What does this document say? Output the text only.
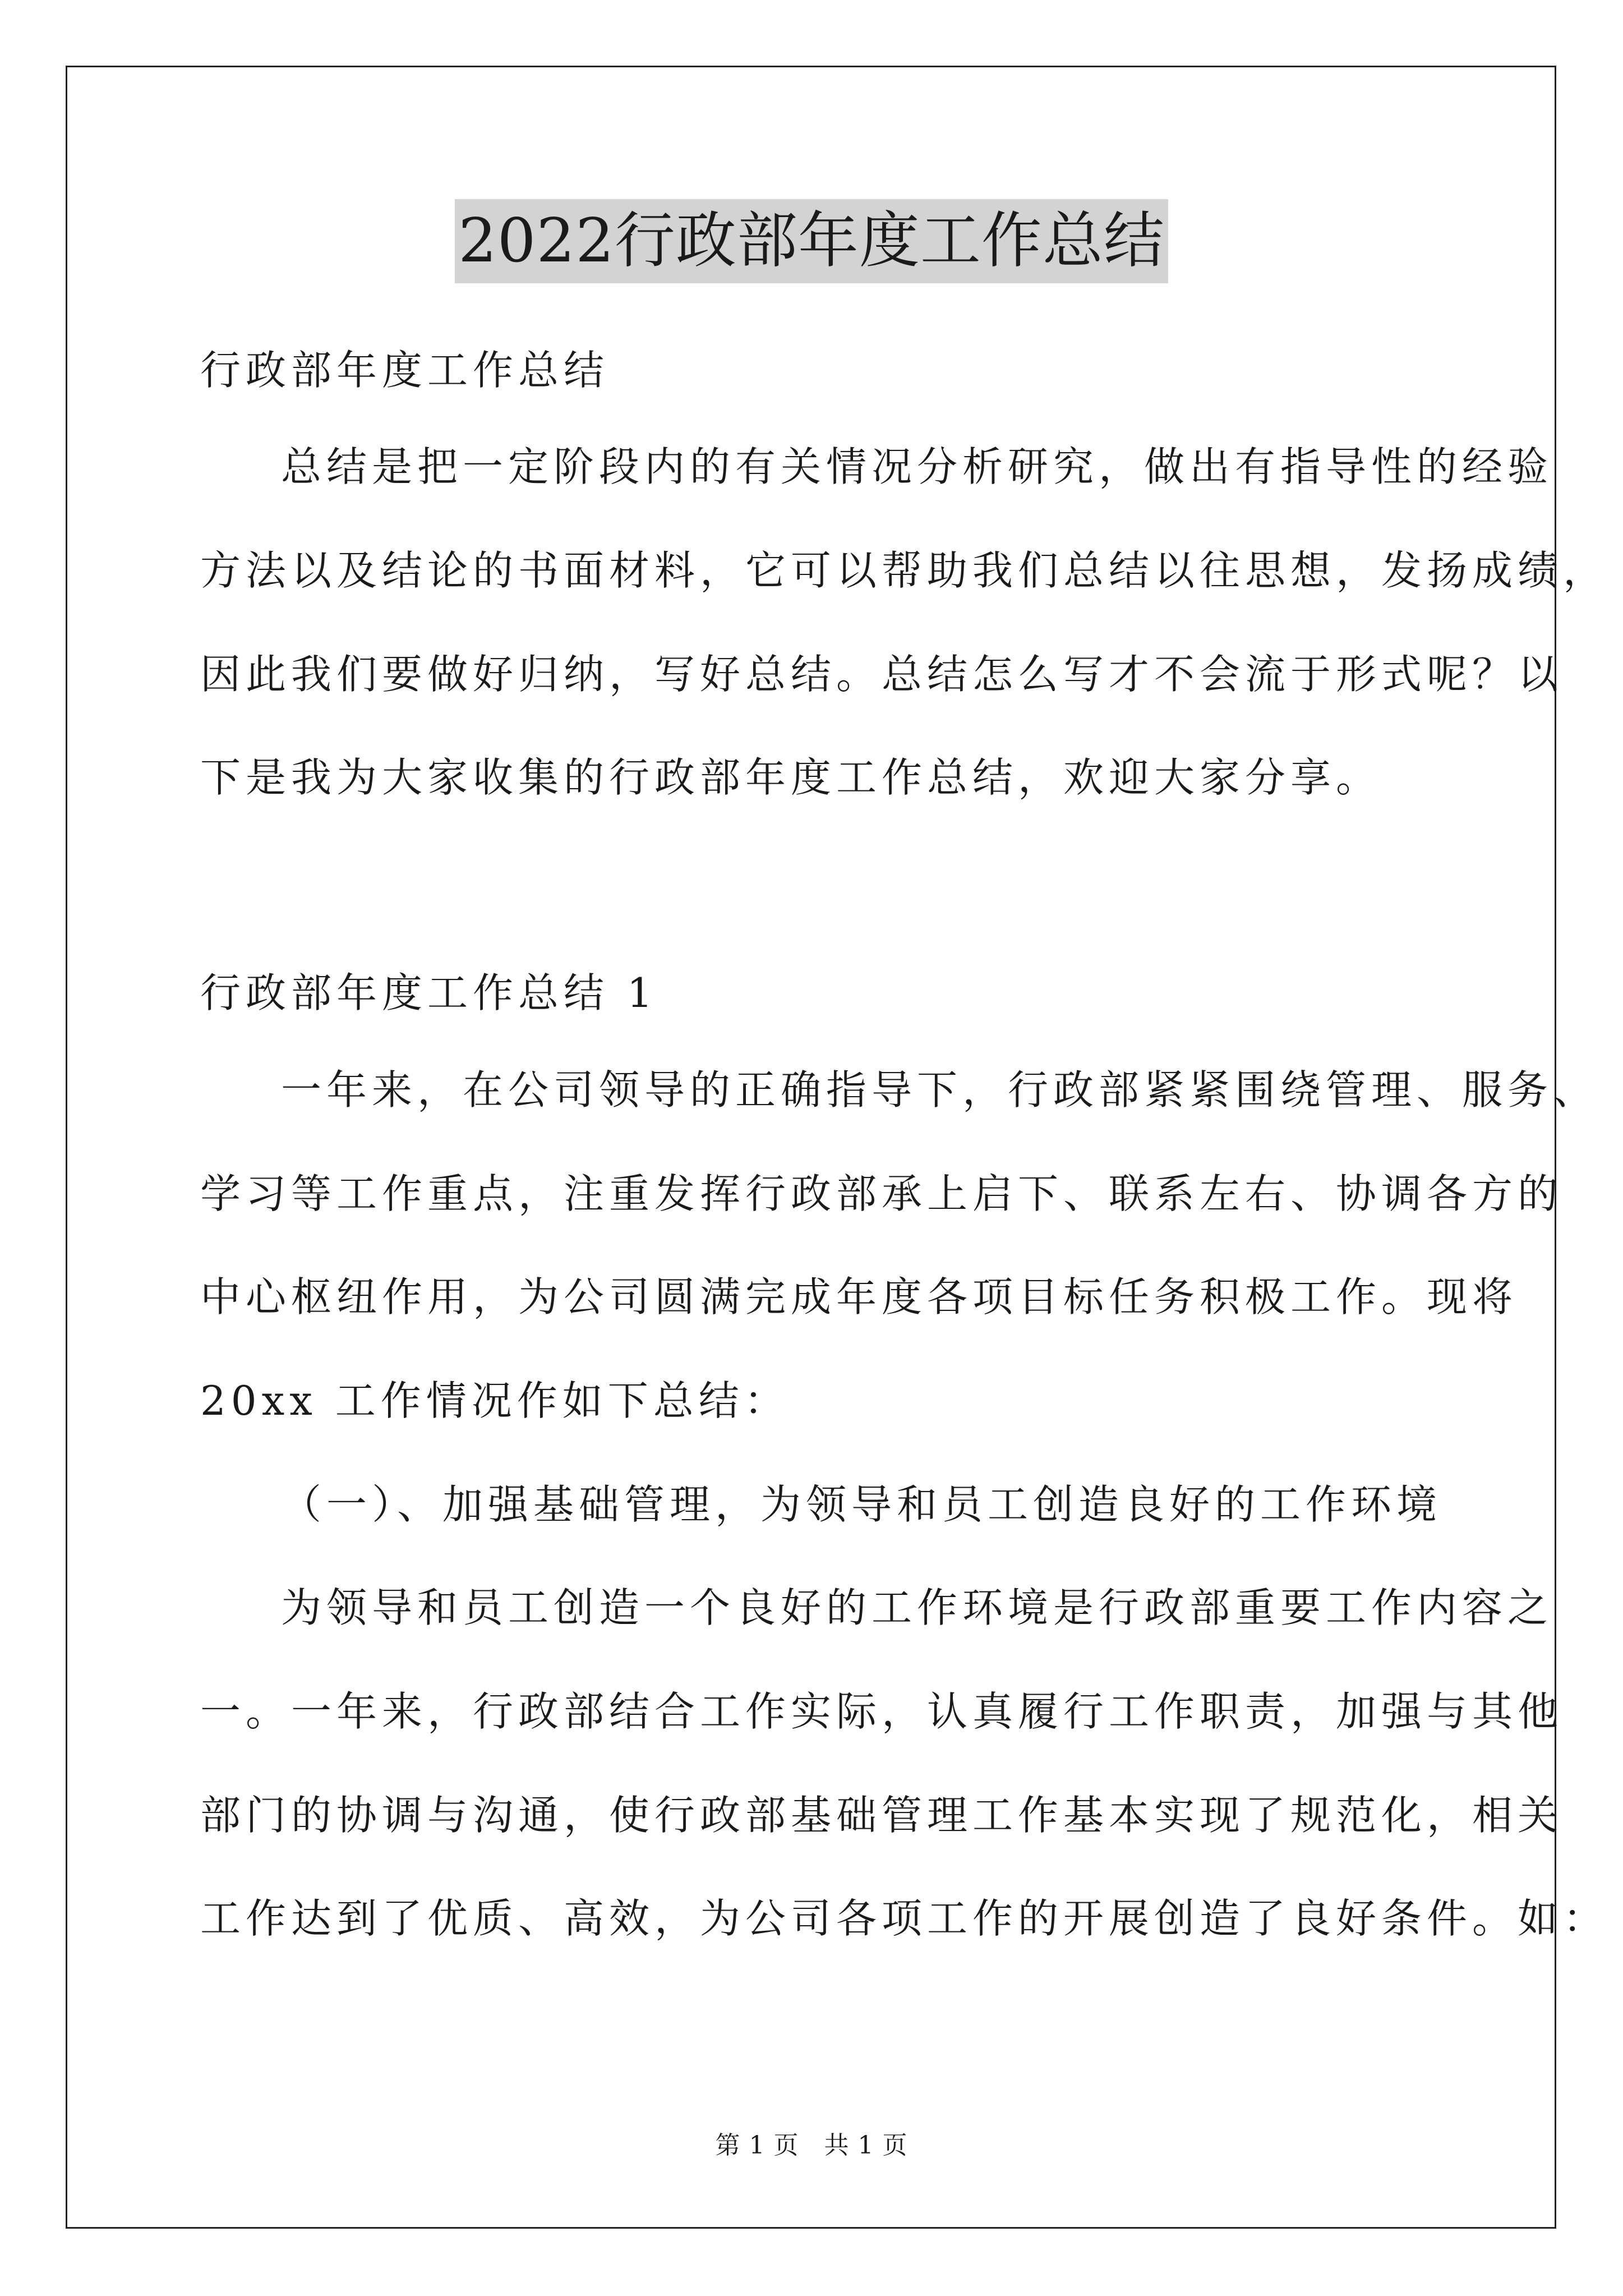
2022行政部年度工作总结
行政部年度工作总结
总结是把一定阶段内的有关情况分析研究，做出有指导性的经验
方法以及结论的书面材料，它可以帮助我们总结以往思想，发扬成绩，
因此我们要做好归纳，写好总结。总结怎么写才不会流于形式呢？以
下是我为大家收集的行政部年度工作总结，欢迎大家分享。
行政部年度工作总结 1
一年来，在公司领导的正确指导下，行政部紧紧围绕管理、服务、
学习等工作重点，注重发挥行政部承上启下、联系左右、协调各方的
中心枢纽作用，为公司圆满完成年度各项目标任务积极工作。现将
20xx 工作情况作如下总结：
（一）、加强基础管理，为领导和员工创造良好的工作环境
为领导和员工创造一个良好的工作环境是行政部重要工作内容之
一。一年来，行政部结合工作实际，认真履行工作职责，加强与其他
部门的协调与沟通，使行政部基础管理工作基本实现了规范化，相关
工作达到了优质、高效，为公司各项工作的开展创造了良好条件。如：
第 1 页　共 1 页
